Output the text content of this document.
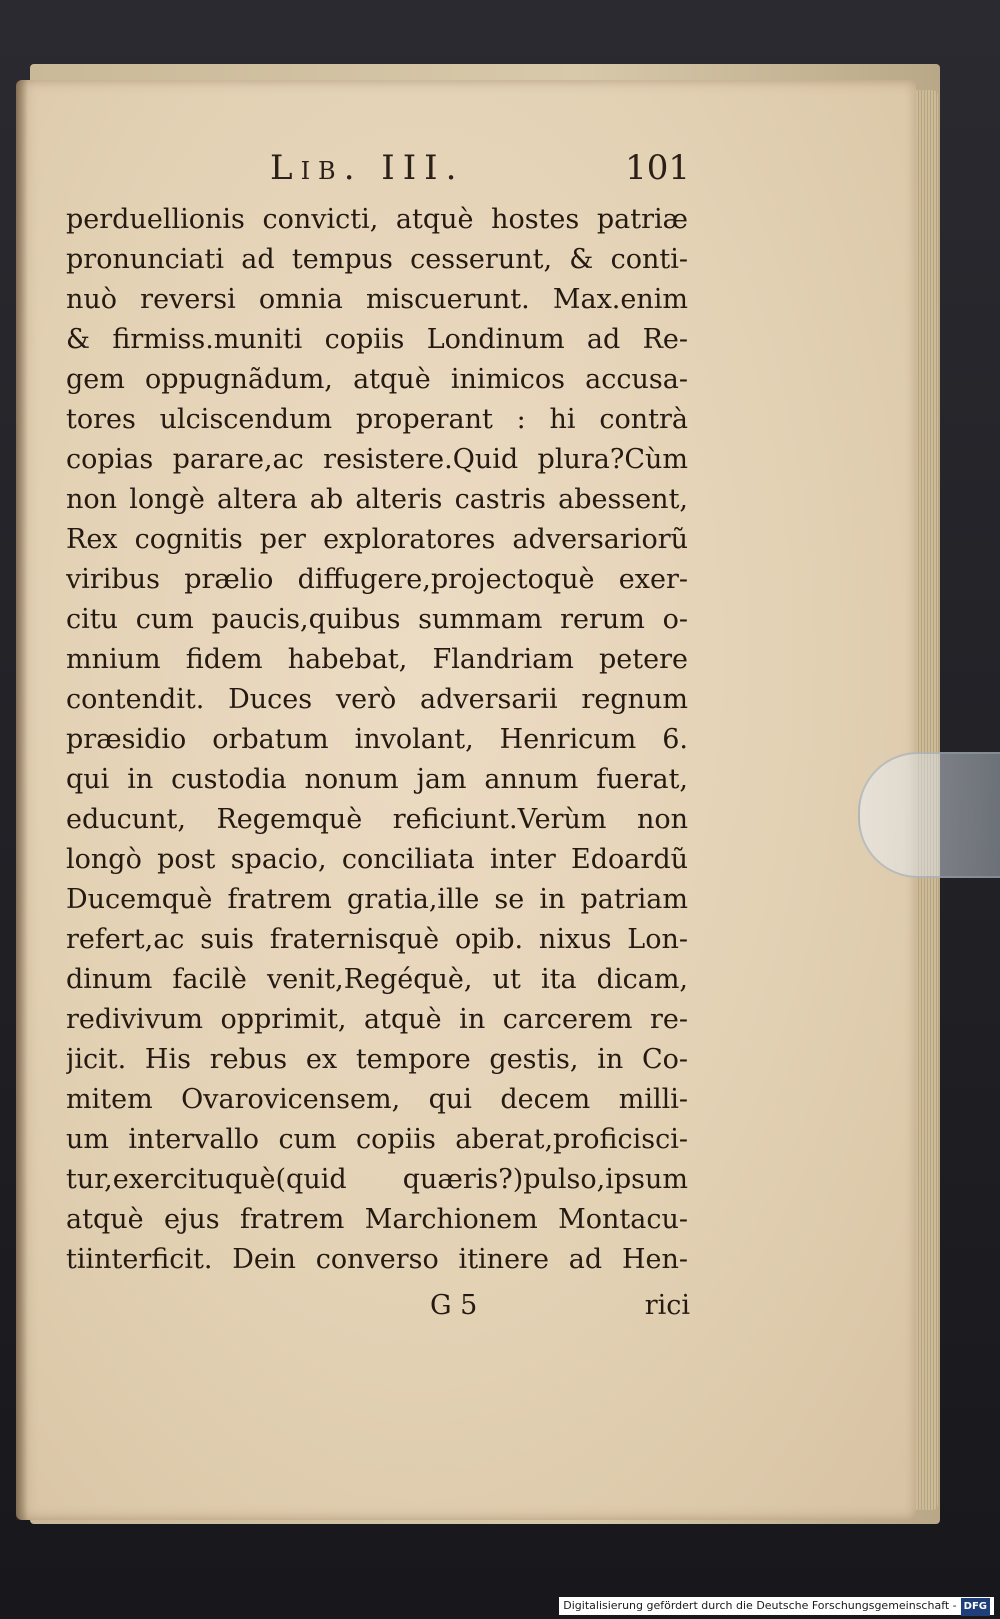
Lib. III.	101
perduellionis convicti, atquè hostes patriæ
pronunciati ad tempus cesserunt, & conti-
nuò reversi omnia miscuerunt. Max.enim
& firmiss.muniti copiis Londinum ad Re-
gem oppugnãdum, atquè inimicos accusa-
tores ulciscendum properant : hi contrà
copias parare,ac resistere.Quid plura?Cùm
non longè altera ab alteris castris abessent,
Rex cognitis per exploratores adversariorũ
viribus prælio diffugere,projectoquè exer-
citu cum paucis,quibus summam rerum o-
mnium fidem habebat, Flandriam petere
contendit. Duces verò adversarii regnum
præsidio orbatum involant, Henricum 6.
qui in custodia nonum jam annum fuerat,
educunt, Regemquè reficiunt.Verùm non
longò post spacio, conciliata inter Edoardũ
Ducemquè fratrem gratia,ille se in patriam
refert,ac suis fraternisquè opib. nixus Lon-
dinum facilè venit,Regéquè, ut ita dicam,
redivivum opprimit, atquè in carcerem re-
jicit. His rebus ex tempore gestis, in Co-
mitem Ovarovicensem, qui decem milli-
um intervallo cum copiis aberat,proficisci-
tur,exercituquè(quid quæris?)pulso,ipsum
atquè ejus fratrem Marchionem Montacu-
tiinterficit. Dein converso itinere ad Hen-
G 5	rici
Digitalisierung gefördert durch die Deutsche Forschungsgemeinschaft - DFG
